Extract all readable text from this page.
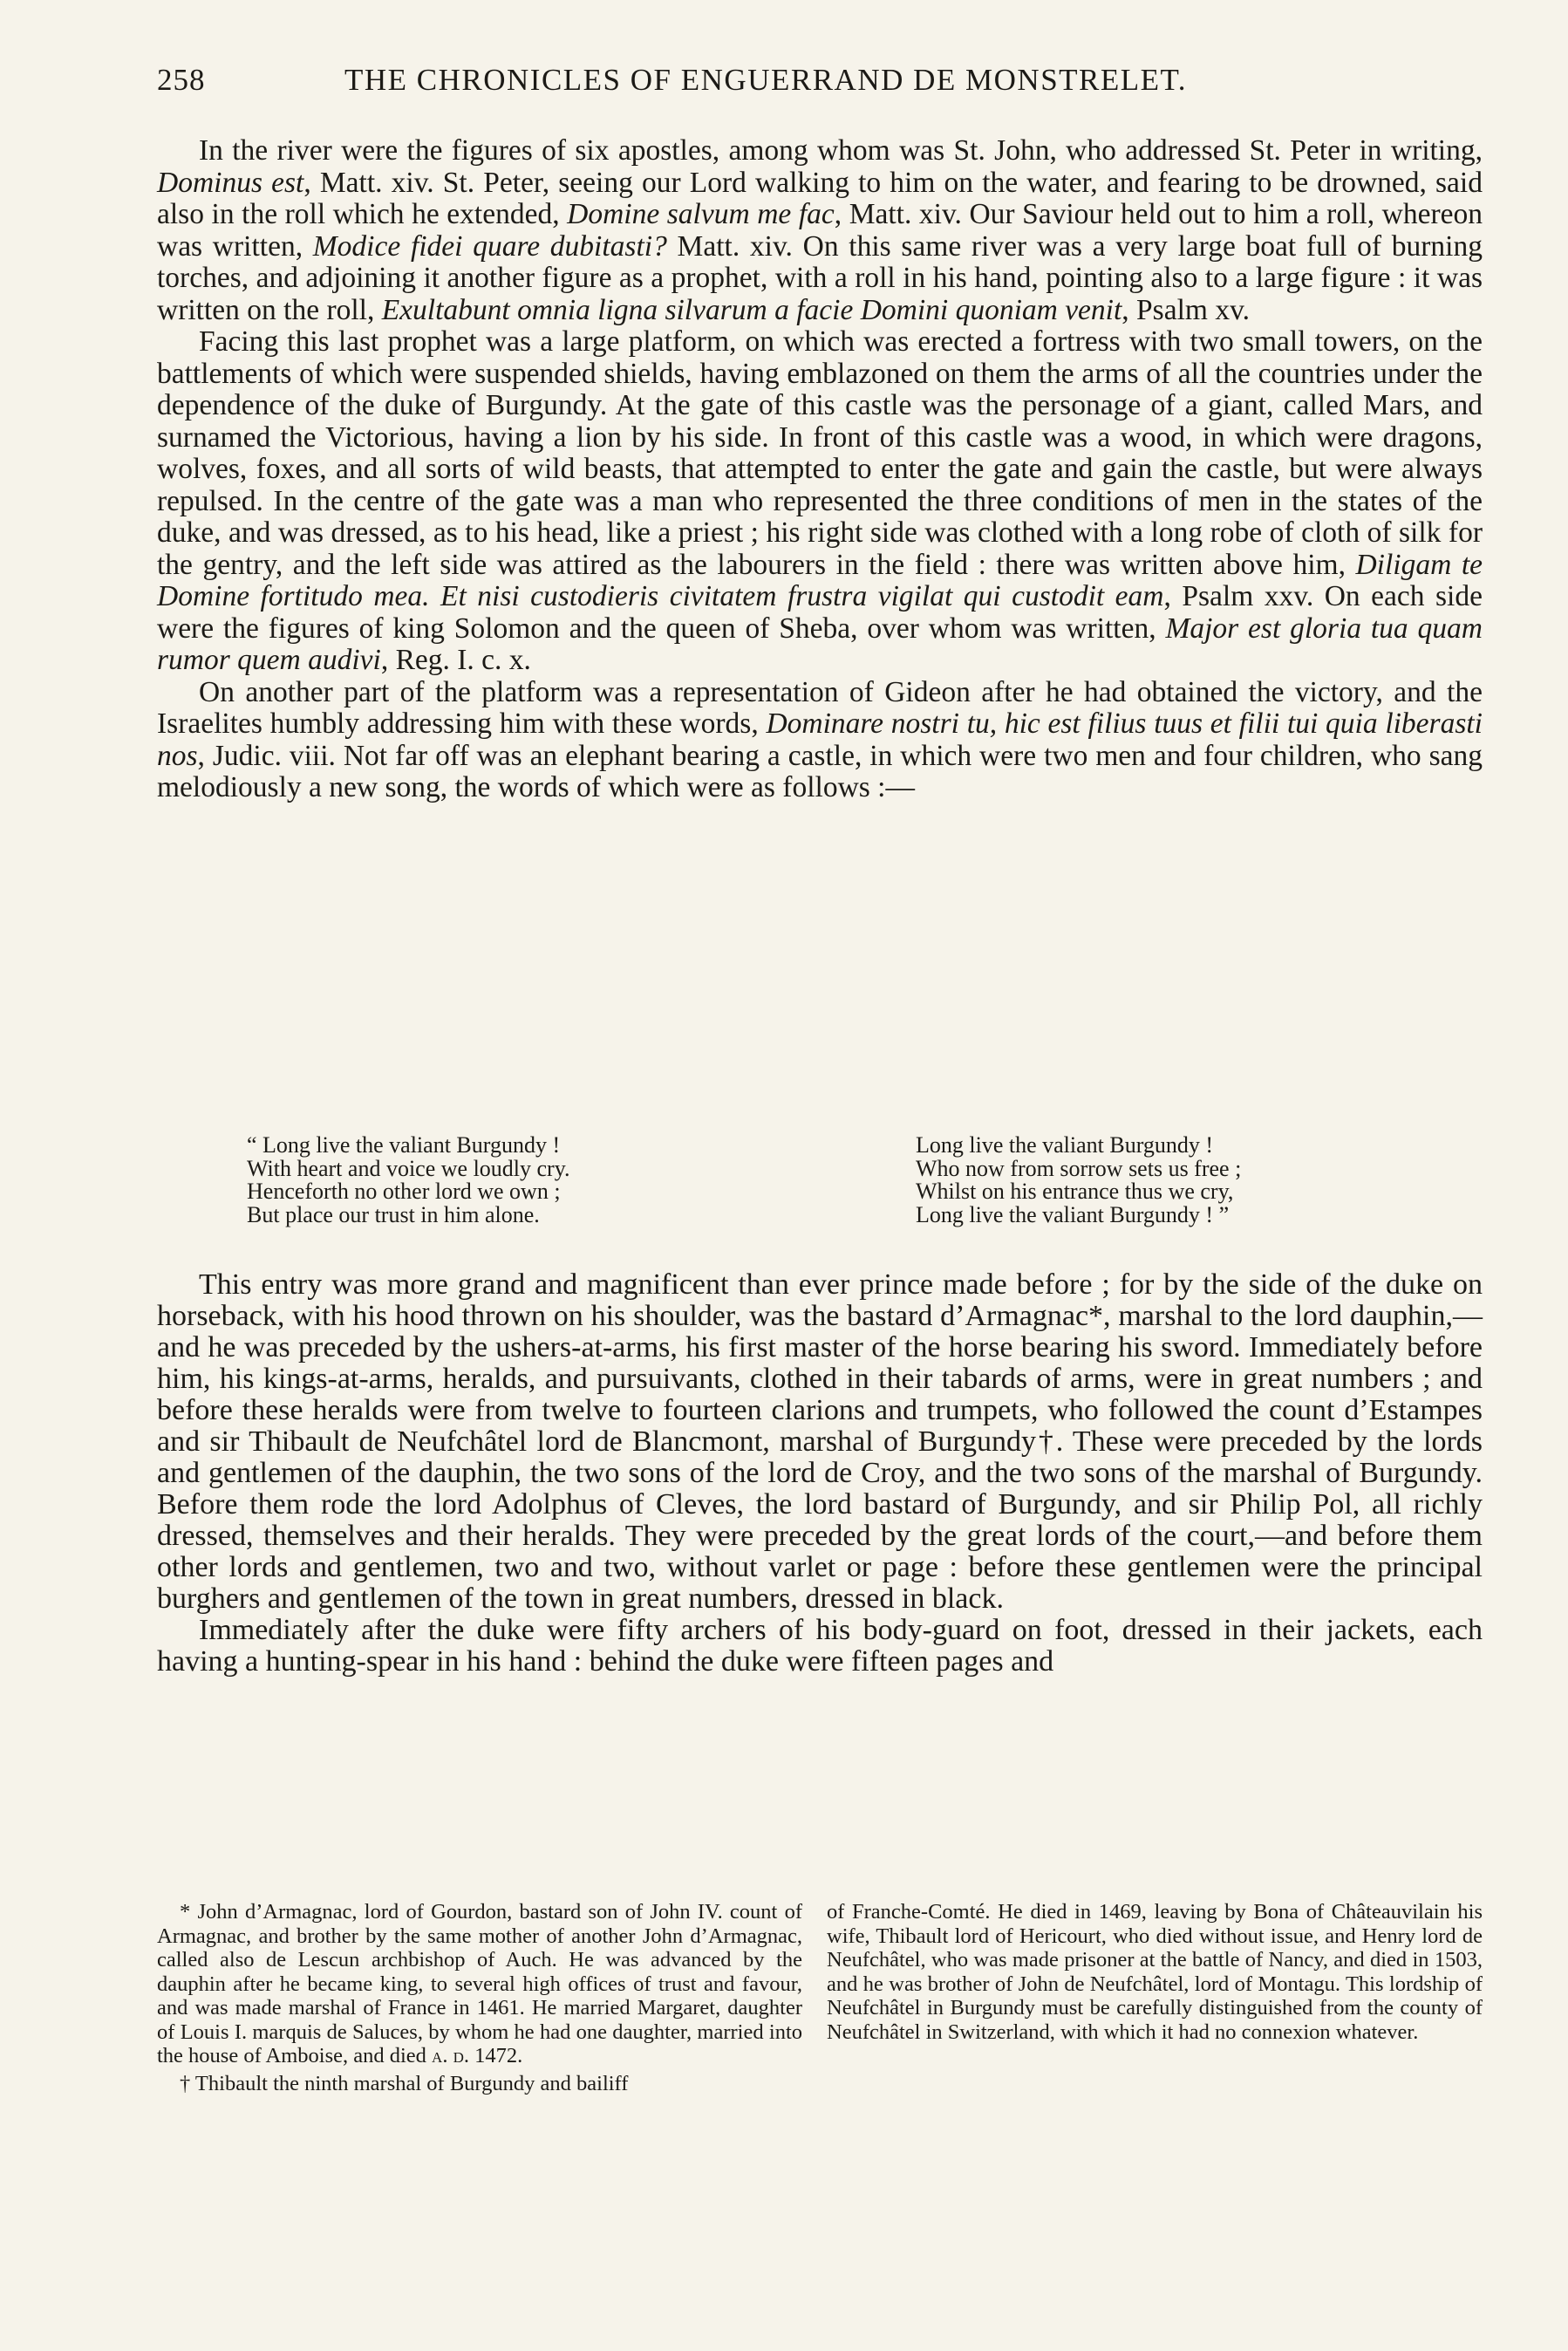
258	THE CHRONICLES OF ENGUERRAND DE MONSTRELET.

In the river were the figures of six apostles, among whom was St. John, who addressed St. Peter in writing, Dominus est, Matt. xiv. St. Peter, seeing our Lord walking to him on the water, and fearing to be drowned, said also in the roll which he extended, Domine salvum me fac, Matt. xiv. Our Saviour held out to him a roll, whereon was written, Modice fidei quare dubitasti? Matt. xiv. On this same river was a very large boat full of burning torches, and adjoining it another figure as a prophet, with a roll in his hand, pointing also to a large figure : it was written on the roll, Exultabunt omnia ligna silvarum a facie Domini quoniam venit, Psalm xv.

Facing this last prophet was a large platform, on which was erected a fortress with two small towers, on the battlements of which were suspended shields, having emblazoned on them the arms of all the countries under the dependence of the duke of Burgundy. At the gate of this castle was the personage of a giant, called Mars, and surnamed the Victorious, having a lion by his side. In front of this castle was a wood, in which were dragons, wolves, foxes, and all sorts of wild beasts, that attempted to enter the gate and gain the castle, but were always repulsed. In the centre of the gate was a man who represented the three conditions of men in the states of the duke, and was dressed, as to his head, like a priest ; his right side was clothed with a long robe of cloth of silk for the gentry, and the left side was attired as the labourers in the field : there was written above him, Diligam te Domine fortitudo mea. Et nisi custodieris civitatem frustra vigilat qui custodit eam, Psalm xxv. On each side were the figures of king Solomon and the queen of Sheba, over whom was written, Major est gloria tua quam rumor quem audivi, Reg. I. c. x.

On another part of the platform was a representation of Gideon after he had obtained the victory, and the Israelites humbly addressing him with these words, Dominare nostri tu, hic est filius tuus et filii tui quia liberasti nos, Judic. viii. Not far off was an elephant bearing a castle, in which were two men and four children, who sang melodiously a new song, the words of which were as follows :—

“ Long live the valiant Burgundy !
With heart and voice we loudly cry.
Henceforth no other lord we own ;
But place our trust in him alone.
Long live the valiant Burgundy !
Who now from sorrow sets us free ;
Whilst on his entrance thus we cry,
Long live the valiant Burgundy ! ”

This entry was more grand and magnificent than ever prince made before ; for by the side of the duke on horseback, with his hood thrown on his shoulder, was the bastard d’Armagnac*, marshal to the lord dauphin,—and he was preceded by the ushers-at-arms, his first master of the horse bearing his sword. Immediately before him, his kings-at-arms, heralds, and pursuivants, clothed in their tabards of arms, were in great numbers ; and before these heralds were from twelve to fourteen clarions and trumpets, who followed the count d’Estampes and sir Thibault de Neufchâtel lord de Blancmont, marshal of Burgundy†. These were preceded by the lords and gentlemen of the dauphin, the two sons of the lord de Croy, and the two sons of the marshal of Burgundy. Before them rode the lord Adolphus of Cleves, the lord bastard of Burgundy, and sir Philip Pol, all richly dressed, themselves and their heralds. They were preceded by the great lords of the court,—and before them other lords and gentlemen, two and two, without varlet or page : before these gentlemen were the principal burghers and gentlemen of the town in great numbers, dressed in black.

Immediately after the duke were fifty archers of his body-guard on foot, dressed in their jackets, each having a hunting-spear in his hand : behind the duke were fifteen pages and

* John d’Armagnac, lord of Gourdon, bastard son of John IV. count of Armagnac, and brother by the same mother of another John d’Armagnac, called also de Lescun archbishop of Auch. He was advanced by the dauphin after he became king, to several high offices of trust and favour, and was made marshal of France in 1461. He married Margaret, daughter of Louis I. marquis de Saluces, by whom he had one daughter, married into the house of Amboise, and died a. d. 1472.

† Thibault the ninth marshal of Burgundy and bailiff

of Franche-Comté. He died in 1469, leaving by Bona of Châteauvilain his wife, Thibault lord of Hericourt, who died without issue, and Henry lord de Neufchâtel, who was made prisoner at the battle of Nancy, and died in 1503, and he was brother of John de Neufchâtel, lord of Montagu. This lordship of Neufchâtel in Burgundy must be carefully distinguished from the county of Neufchâtel in Switzerland, with which it had no connexion whatever.
